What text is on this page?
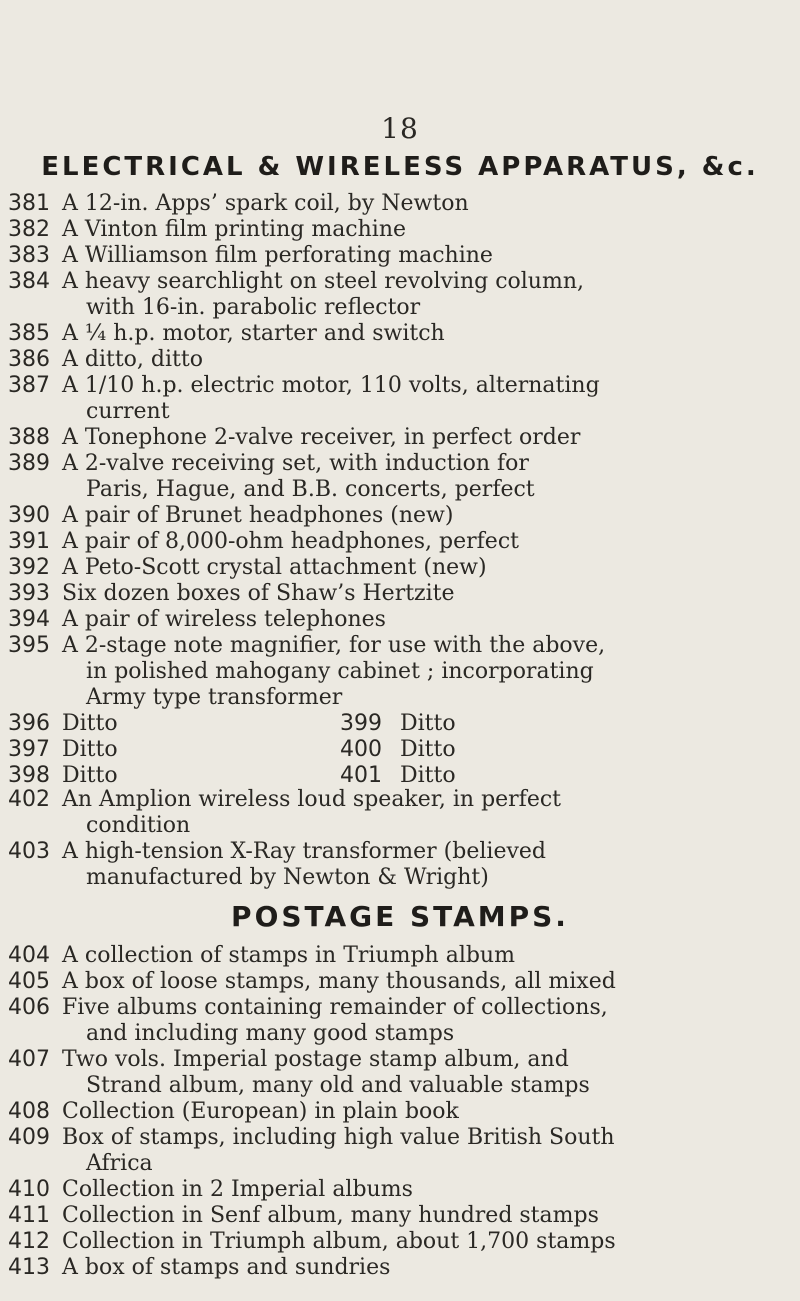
18
ELECTRICAL & WIRELESS APPARATUS, &c.
381 A 12-in. Apps’ spark coil, by Newton
382 A Vinton film printing machine
383 A Williamson film perforating machine
384 A heavy searchlight on steel revolving column,
with 16-in. parabolic reflector
385 A ¼ h.p. motor, starter and switch
386 A ditto, ditto
387 A 1/10 h.p. electric motor, 110 volts, alternating
current
388 A Tonephone 2-valve receiver, in perfect order
389 A 2-valve receiving set, with induction for
Paris, Hague, and B.B. concerts, perfect
390 A pair of Brunet headphones (new)
391 A pair of 8,000-ohm headphones, perfect
392 A Peto-Scott crystal attachment (new)
393 Six dozen boxes of Shaw’s Hertzite
394 A pair of wireless telephones
395 A 2-stage note magnifier, for use with the above,
in polished mahogany cabinet ; incorporating
Army type transformer
396 Ditto	399 Ditto
397 Ditto	400 Ditto
398 Ditto	401 Ditto
402 An Amplion wireless loud speaker, in perfect
condition
403 A high-tension X-Ray transformer (believed
manufactured by Newton & Wright)
POSTAGE STAMPS.
404 A collection of stamps in Triumph album
405 A box of loose stamps, many thousands, all mixed
406 Five albums containing remainder of collections,
and including many good stamps
407 Two vols. Imperial postage stamp album, and
Strand album, many old and valuable stamps
408 Collection (European) in plain book
409 Box of stamps, including high value British South
Africa
410 Collection in 2 Imperial albums
411 Collection in Senf album, many hundred stamps
412 Collection in Triumph album, about 1,700 stamps
413 A box of stamps and sundries
